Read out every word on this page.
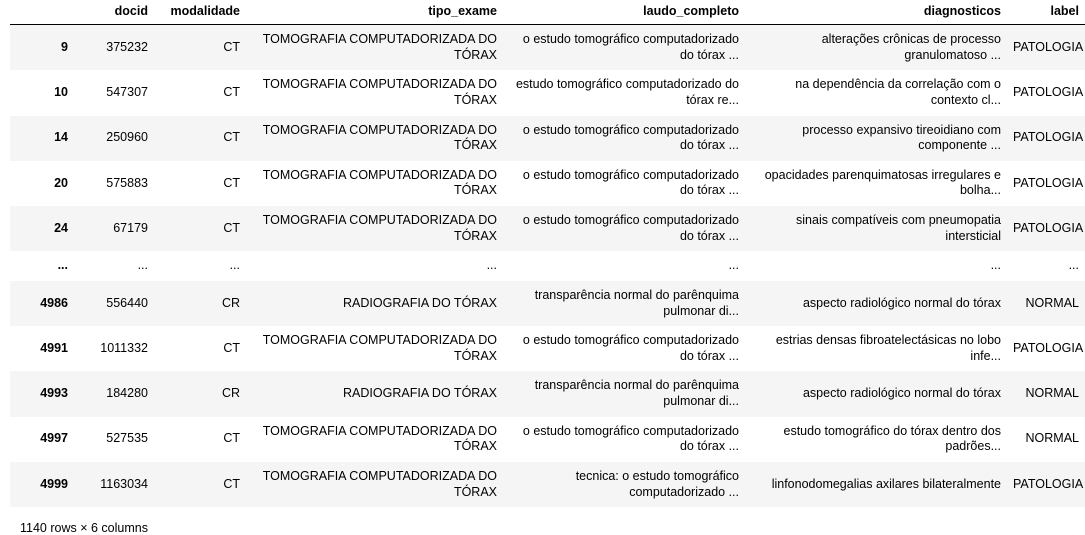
	docid	modalidade	tipo_exame	laudo_completo	diagnosticos	label
9	375232	CT	TOMOGRAFIA COMPUTADORIZADA DO TÓRAX	o estudo tomográfico computadorizado do tórax ...	alterações crônicas de processo granulomatoso ...	PATOLOGIA
10	547307	CT	TOMOGRAFIA COMPUTADORIZADA DO TÓRAX	estudo tomográfico computadorizado do tórax re...	na dependência da correlação com o contexto cl...	PATOLOGIA
14	250960	CT	TOMOGRAFIA COMPUTADORIZADA DO TÓRAX	o estudo tomográfico computadorizado do tórax ...	processo expansivo tireoidiano com componente ...	PATOLOGIA
20	575883	CT	TOMOGRAFIA COMPUTADORIZADA DO TÓRAX	o estudo tomográfico computadorizado do tórax ...	opacidades parenquimatosas irregulares e bolha...	PATOLOGIA
24	67179	CT	TOMOGRAFIA COMPUTADORIZADA DO TÓRAX	o estudo tomográfico computadorizado do tórax ...	sinais compatíveis com pneumopatia intersticial	PATOLOGIA
...	...	...	...	...	...	...
4986	556440	CR	RADIOGRAFIA DO TÓRAX	transparência normal do parênquima pulmonar di...	aspecto radiológico normal do tórax	NORMAL
4991	1011332	CT	TOMOGRAFIA COMPUTADORIZADA DO TÓRAX	o estudo tomográfico computadorizado do tórax ...	estrias densas fibroatelectásicas no lobo infe...	PATOLOGIA
4993	184280	CR	RADIOGRAFIA DO TÓRAX	transparência normal do parênquima pulmonar di...	aspecto radiológico normal do tórax	NORMAL
4997	527535	CT	TOMOGRAFIA COMPUTADORIZADA DO TÓRAX	o estudo tomográfico computadorizado do tórax ...	estudo tomográfico do tórax dentro dos padrões...	NORMAL
4999	1163034	CT	TOMOGRAFIA COMPUTADORIZADA DO TÓRAX	tecnica: o estudo tomográfico computadorizado ...	linfonodomegalias axilares bilateralmente	PATOLOGIA
1140 rows × 6 columns
